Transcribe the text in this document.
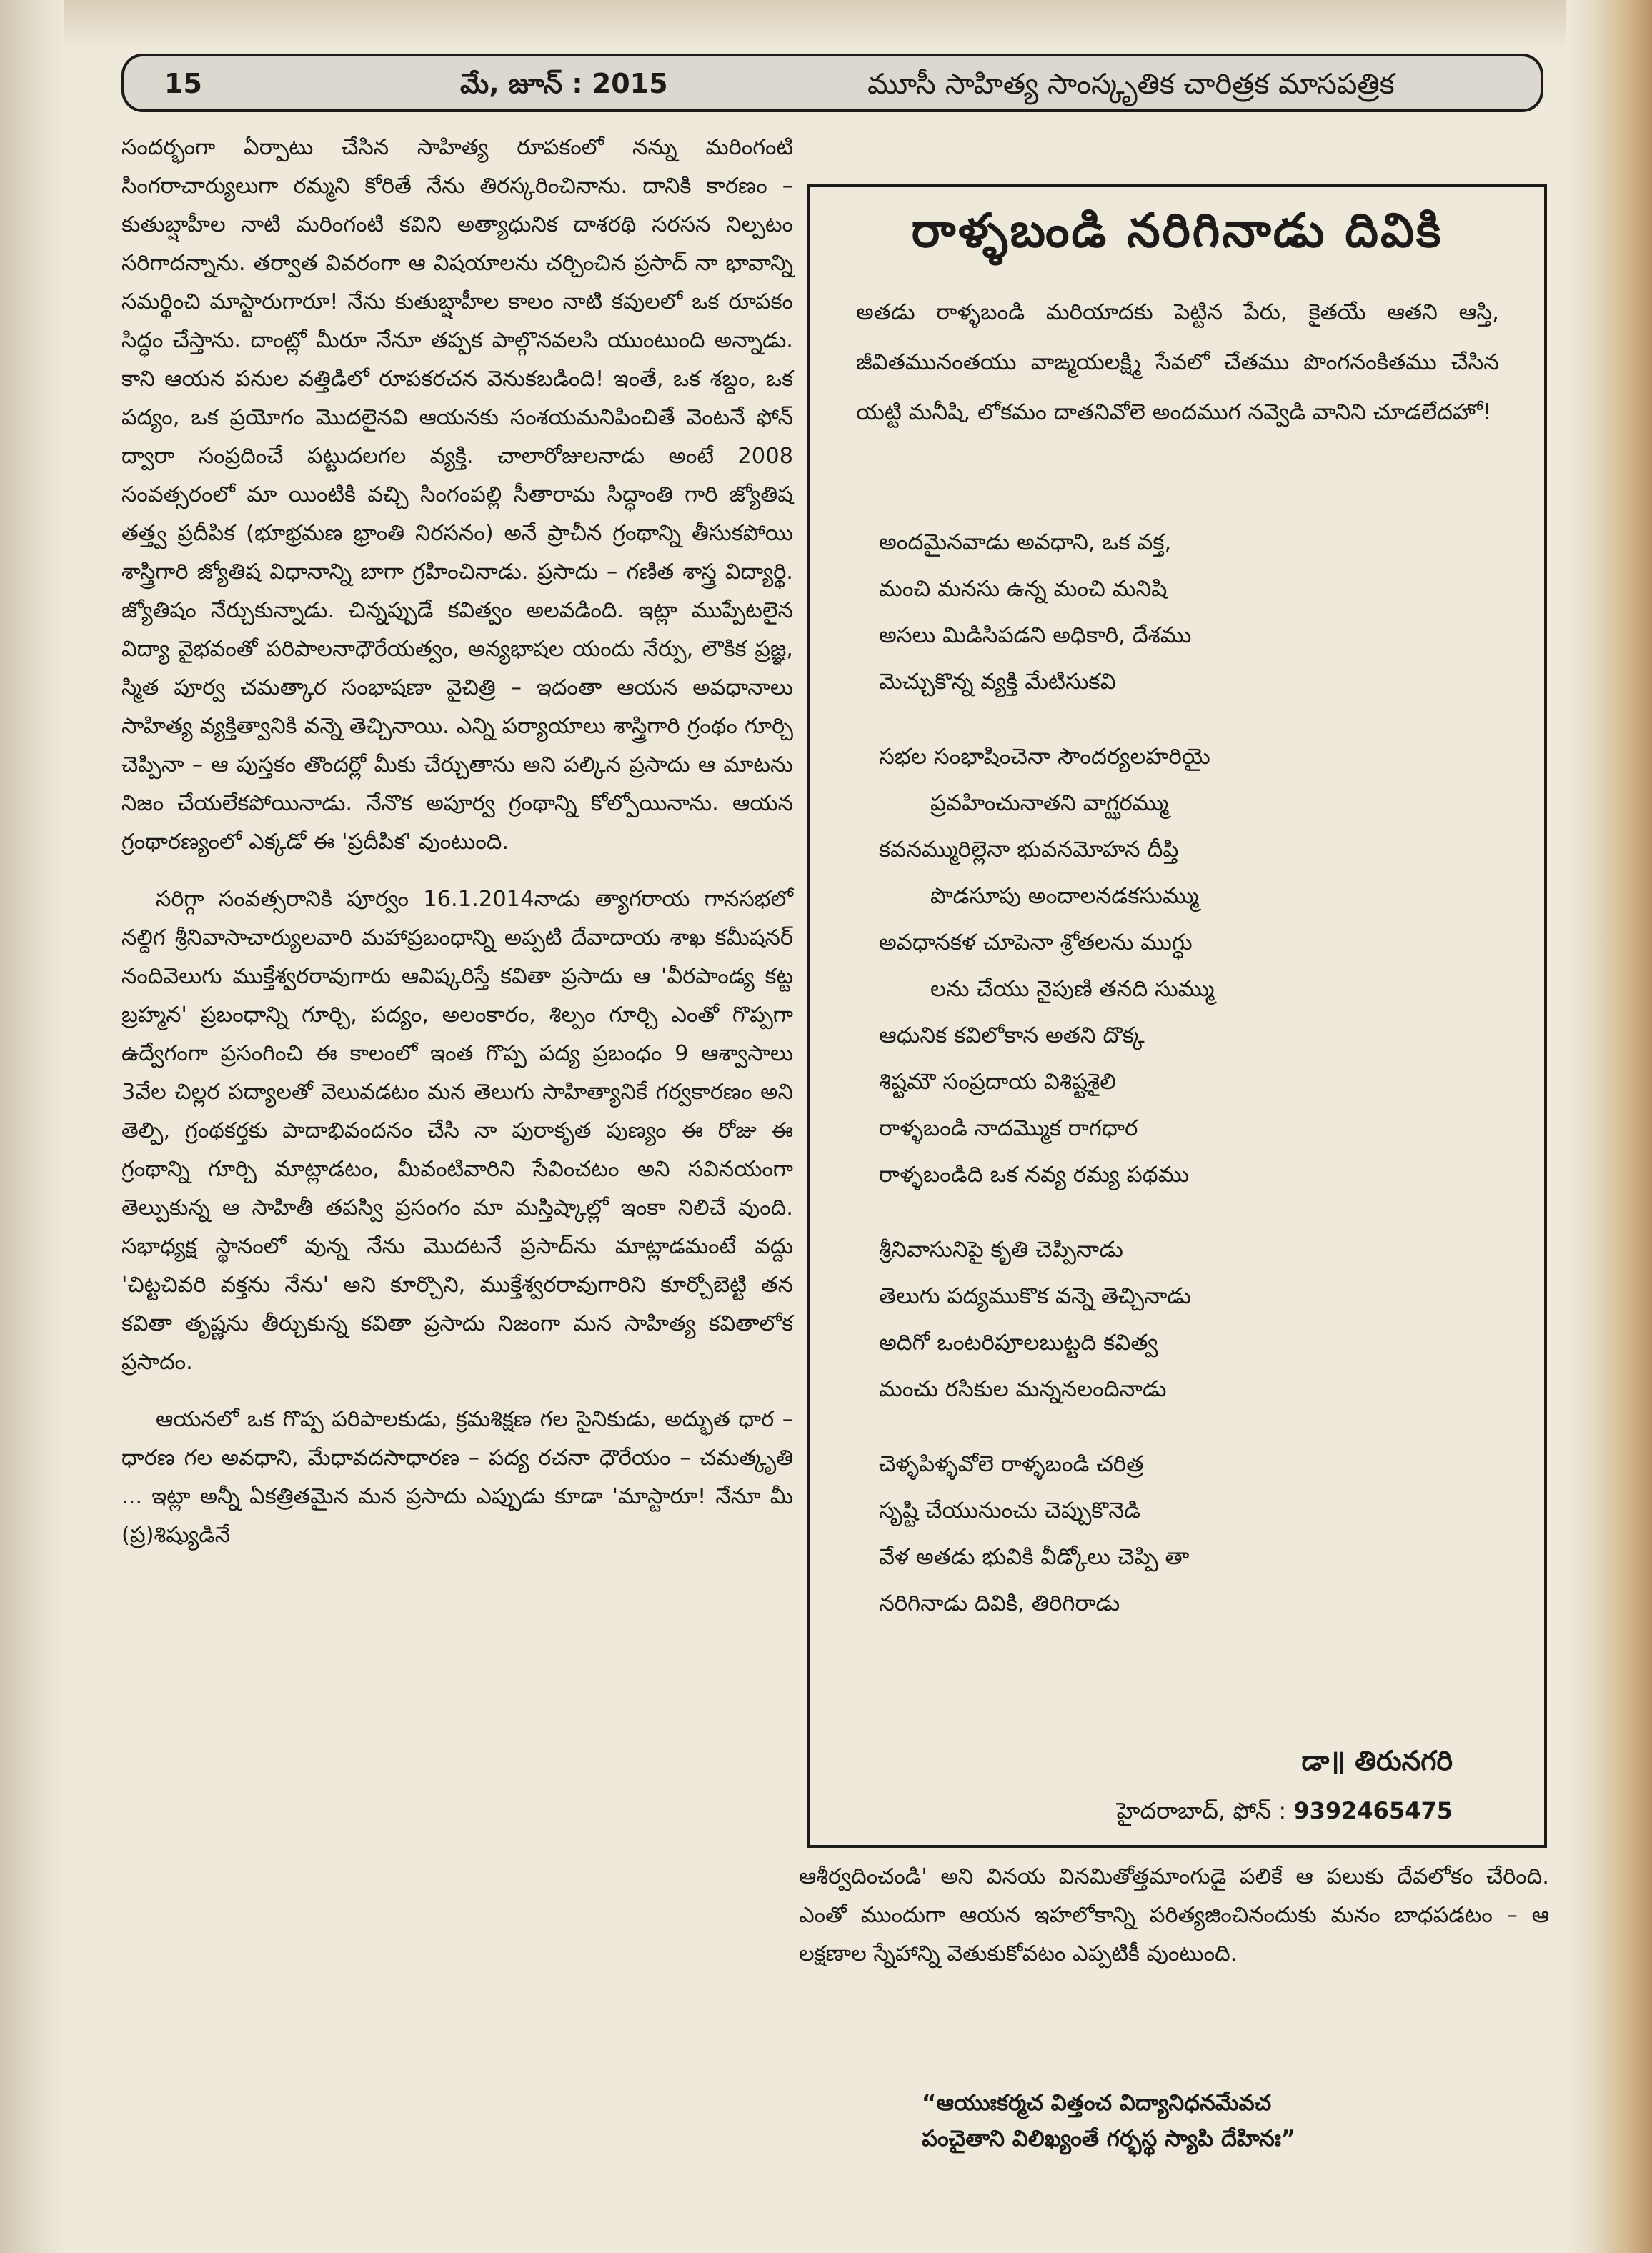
15	మే, జూన్ : 2015	మూసీ సాహిత్య సాంస్కృతిక చారిత్రక మాసపత్రిక

సందర్భంగా ఏర్పాటు చేసిన సాహిత్య రూపకంలో నన్ను మరింగంటి సింగరాచార్యులుగా రమ్మని కోరితే నేను తిరస్కరించినాను. దానికి కారణం – కుతుబ్షాహీల నాటి మరింగంటి కవిని అత్యాధునిక దాశరథి సరసన నిల్పటం సరిగాదన్నాను. తర్వాత వివరంగా ఆ విషయాలను చర్చించిన ప్రసాద్ నా భావాన్ని సమర్థించి మాస్టారుగారూ! నేను కుతుబ్షాహీల కాలం నాటి కవులలో ఒక రూపకం సిద్ధం చేస్తాను. దాంట్లో మీరూ నేనూ తప్పక పాల్గొనవలసి యుంటుంది అన్నాడు. కాని ఆయన పనుల వత్తిడిలో రూపకరచన వెనుకబడింది! ఇంతే, ఒక శబ్దం, ఒక పద్యం, ఒక ప్రయోగం మొదలైనవి ఆయనకు సంశయమనిపించితే వెంటనే ఫోన్ ద్వారా సంప్రదించే పట్టుదలగల వ్యక్తి. చాలారోజులనాడు అంటే 2008 సంవత్సరంలో మా యింటికి వచ్చి సింగంపల్లి సీతారామ సిద్ధాంతి గారి జ్యోతిష తత్త్వ ప్రదీపిక (భూభ్రమణ భ్రాంతి నిరసనం) అనే ప్రాచీన గ్రంథాన్ని తీసుకపోయి శాస్త్రిగారి జ్యోతిష విధానాన్ని బాగా గ్రహించినాడు. ప్రసాదు – గణిత శాస్త్ర విద్యార్థి. జ్యోతిషం నేర్చుకున్నాడు. చిన్నప్పుడే కవిత్వం అలవడింది. ఇట్లా ముప్పేటలైన విద్యా వైభవంతో పరిపాలనాధౌరేయత్వం, అన్యభాషల యందు నేర్పు, లౌకిక ప్రజ్ఞ, స్మిత పూర్వ చమత్కార సంభాషణా వైచిత్రి – ఇదంతా ఆయన అవధానాలు సాహిత్య వ్యక్తిత్వానికి వన్నె తెచ్చినాయి. ఎన్ని పర్యాయాలు శాస్త్రిగారి గ్రంథం గూర్చి చెప్పినా – ఆ పుస్తకం తొందర్లో మీకు చేర్చుతాను అని పల్కిన ప్రసాదు ఆ మాటను నిజం చేయలేకపోయినాడు. నేనొక అపూర్వ గ్రంథాన్ని కోల్పోయినాను. ఆయన గ్రంథారణ్యంలో ఎక్కడో ఈ 'ప్రదీపిక' వుంటుంది.

సరిగ్గా సంవత్సరానికి పూర్వం 16.1.2014నాడు త్యాగరాయ గానసభలో నల్దిగ శ్రీనివాసాచార్యులవారి మహాప్రబంధాన్ని అప్పటి దేవాదాయ శాఖ కమీషనర్ నందివెలుగు ముక్తేశ్వరరావుగారు ఆవిష్కరిస్తే కవితా ప్రసాదు ఆ 'వీరపాండ్య కట్ట బ్రహ్మన' ప్రబంధాన్ని గూర్చి, పద్యం, అలంకారం, శిల్పం గూర్చి ఎంతో గొప్పగా ఉద్వేగంగా ప్రసంగించి ఈ కాలంలో ఇంత గొప్ప పద్య ప్రబంధం 9 ఆశ్వాసాలు 3వేల చిల్లర పద్యాలతో వెలువడటం మన తెలుగు సాహిత్యానికే గర్వకారణం అని తెల్పి, గ్రంథకర్తకు పాదాభివందనం చేసి నా పురాకృత పుణ్యం ఈ రోజు ఈ గ్రంథాన్ని గూర్చి మాట్లాడటం, మీవంటివారిని సేవించటం అని సవినయంగా తెల్పుకున్న ఆ సాహితీ తపస్వి ప్రసంగం మా మస్తిష్కాల్లో ఇంకా నిలిచే వుంది. సభాధ్యక్ష స్థానంలో వున్న నేను మొదటనే ప్రసాద్‌ను మాట్లాడమంటే వద్దు 'చిట్టచివరి వక్తను నేను' అని కూర్చొని, ముక్తేశ్వరరావుగారిని కూర్చోబెట్టి తన కవితా తృష్ణను తీర్చుకున్న కవితా ప్రసాదు నిజంగా మన సాహిత్య కవితాలోక ప్రసాదం.

ఆయనలో ఒక గొప్ప పరిపాలకుడు, క్రమశిక్షణ గల సైనికుడు, అద్భుత ధార – ధారణ గల అవధాని, మేధావదసాధారణ – పద్య రచనా ధౌరేయం – చమత్కృతి ... ఇట్లా అన్నీ ఏకత్రితమైన మన ప్రసాదు ఎప్పుడు కూడా 'మాస్టారూ! నేనూ మీ (ప్ర)శిష్యుడినే

రాళ్ళబండి నరిగినాడు దివికి
అతడు రాళ్ళబండి మరియాదకు పెట్టిన పేరు, కైతయే ఆతని ఆస్తి, జీవితమునంతయు వాఙ్మయలక్ష్మి సేవలో చేతము పొంగనంకితము చేసిన యట్టి మనీషి, లోకమం దాతనివోలె అందముగ నవ్వెడి వానిని చూడలేదహో!
అందమైనవాడు అవధాని, ఒక వక్త,
మంచి మనసు ఉన్న మంచి మనిషి
అసలు మిడిసిపడని అధికారి, దేశము
మెచ్చుకొన్న వ్యక్తి మేటిసుకవి
సభల సంభాషించెనా సౌందర్యలహరియై
ప్రవహించునాతని వాగ్ఝరమ్ము
కవనమ్మురిల్లెనా భువనమోహన దీప్తి
పొడసూపు అందాలనడకసుమ్ము
అవధానకళ చూపెనా శ్రోతలను ముగ్ధు
లను చేయు నైపుణి తనది సుమ్ము
ఆధునిక కవిలోకాన అతని దొక్క
శిష్టమౌ సంప్రదాయ విశిష్టశైలి
రాళ్ళబండి నాదమ్మొక రాగధార
రాళ్ళబండిది ఒక నవ్య రమ్య పథము
శ్రీనివాసునిపై కృతి చెప్పినాడు
తెలుగు పద్యముకొక వన్నె తెచ్చినాడు
అదిగో ఒంటరిపూలబుట్టది కవిత్వ
మంచు రసికుల మన్ననలందినాడు
చెళ్ళపిళ్ళవోలె రాళ్ళబండి చరిత్ర
సృష్టి చేయునుంచు చెప్పుకొనెడి
వేళ అతడు భువికి వీడ్కోలు చెప్పి తా
నరిగినాడు దివికి, తిరిగిరాడు
డా॥ తిరునగరి
హైదరాబాద్, ఫోన్ : 9392465475

ఆశీర్వదించండి' అని వినయ వినమితోత్తమాంగుడై పలికే ఆ పలుకు దేవలోకం చేరింది. ఎంతో ముందుగా ఆయన ఇహలోకాన్ని పరిత్యజించినందుకు మనం బాధపడటం – ఆ లక్షణాల స్నేహాన్ని వెతుకుకోవటం ఎప్పటికీ వుంటుంది.

“ఆయుఃకర్మచ విత్తంచ విద్యానిధనమేవచ
పంచైతాని విలిఖ్యంతే గర్భస్థ స్యాపి దేహినః”
